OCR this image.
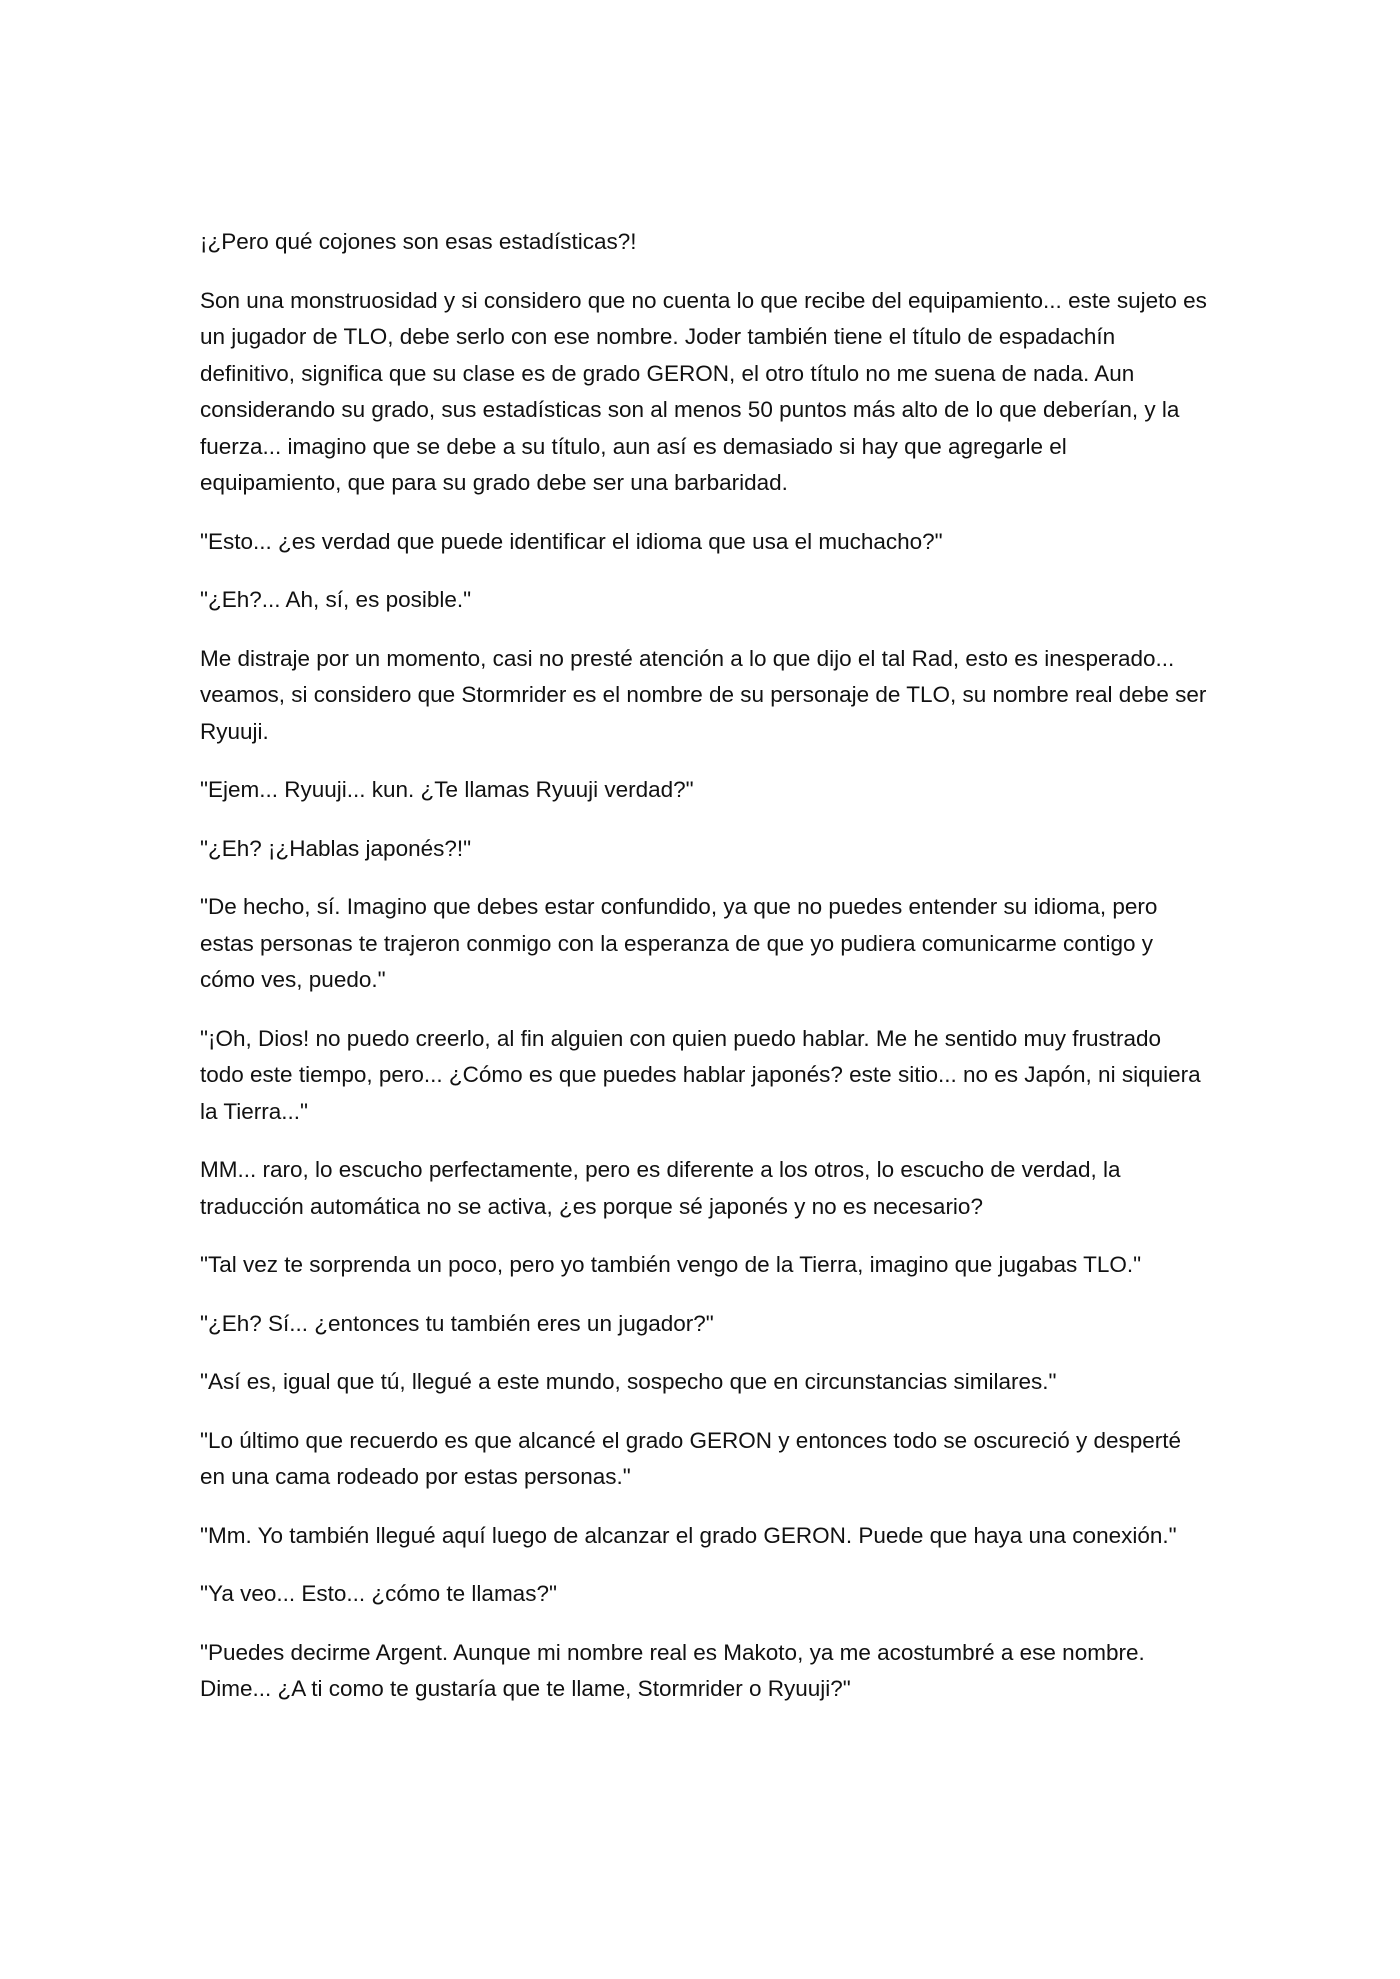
¡¿Pero qué cojones son esas estadísticas?!

Son una monstruosidad y si considero que no cuenta lo que recibe del equipamiento... este sujeto es un jugador de TLO, debe serlo con ese nombre. Joder también tiene el título de espadachín definitivo, significa que su clase es de grado GERON, el otro título no me suena de nada. Aun considerando su grado, sus estadísticas son al menos 50 puntos más alto de lo que deberían, y la fuerza... imagino que se debe a su título, aun así es demasiado si hay que agregarle el equipamiento, que para su grado debe ser una barbaridad.

"Esto... ¿es verdad que puede identificar el idioma que usa el muchacho?"

"¿Eh?... Ah, sí, es posible."

Me distraje por un momento, casi no presté atención a lo que dijo el tal Rad, esto es inesperado... veamos, si considero que Stormrider es el nombre de su personaje de TLO, su nombre real debe ser Ryuuji.

"Ejem... Ryuuji... kun. ¿Te llamas Ryuuji verdad?"

"¿Eh? ¡¿Hablas japonés?!"

"De hecho, sí. Imagino que debes estar confundido, ya que no puedes entender su idioma, pero estas personas te trajeron conmigo con la esperanza de que yo pudiera comunicarme contigo y cómo ves, puedo."

"¡Oh, Dios! no puedo creerlo, al fin alguien con quien puedo hablar. Me he sentido muy frustrado todo este tiempo, pero... ¿Cómo es que puedes hablar japonés? este sitio... no es Japón, ni siquiera la Tierra..."

MM... raro, lo escucho perfectamente, pero es diferente a los otros, lo escucho de verdad, la traducción automática no se activa, ¿es porque sé japonés y no es necesario?

"Tal vez te sorprenda un poco, pero yo también vengo de la Tierra, imagino que jugabas TLO."

"¿Eh? Sí... ¿entonces tu también eres un jugador?"

"Así es, igual que tú, llegué a este mundo, sospecho que en circunstancias similares."

"Lo último que recuerdo es que alcancé el grado GERON y entonces todo se oscureció y desperté en una cama rodeado por estas personas."

"Mm. Yo también llegué aquí luego de alcanzar el grado GERON. Puede que haya una conexión."

"Ya veo... Esto... ¿cómo te llamas?"

"Puedes decirme Argent. Aunque mi nombre real es Makoto, ya me acostumbré a ese nombre. Dime... ¿A ti como te gustaría que te llame, Stormrider o Ryuuji?"
